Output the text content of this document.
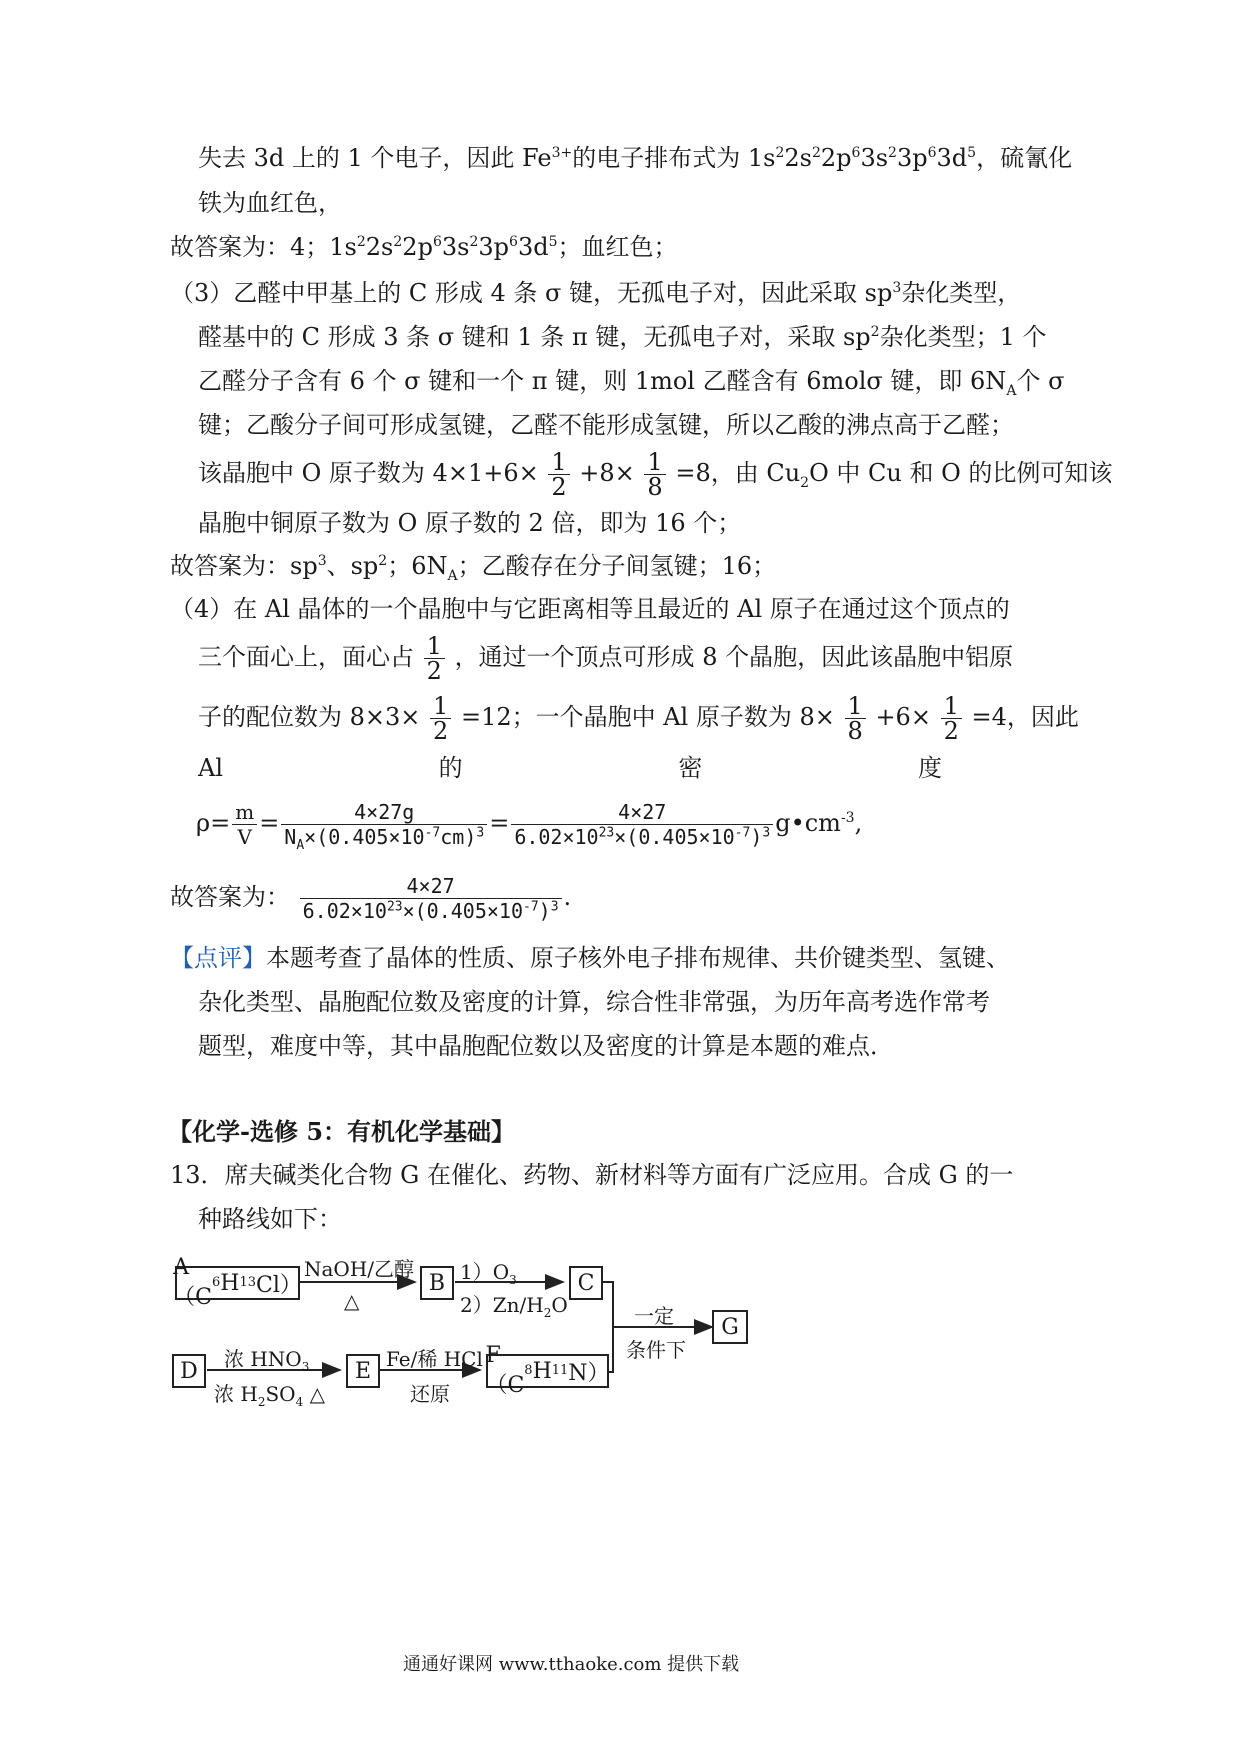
失去 3d 上的 1 个电子，因此 $Fe^{3+}$的电子排布式为 $1s^22s^22p^63s^23p^63d^5$，硫氰化
铁为血红色，
故答案为：4；$1s^22s^22p^63s^23p^63d^5$；血红色；
（3）乙醛中甲基上的 C 形成 4 条 σ 键，无孤电子对，因此采取 $sp^3$杂化类型，
醛基中的 C 形成 3 条 σ 键和 1 条 π 键，无孤电子对，采取 $sp^2$杂化类型；1 个
乙醛分子含有 6 个 σ 键和一个 π 键，则 1mol 乙醛含有 6molσ 键，即 $6N_A$个 σ
键；乙酸分子间可形成氢键，乙醛不能形成氢键，所以乙酸的沸点高于乙醛；
该晶胞中 O 原子数为 $4\times 1+6\times \frac{1}{2} +8\times \frac{1}{8} =8$，由 $Cu_2O$ 中 Cu 和 O 的比例可知该
晶胞中铜原子数为 O 原子数的 2 倍，即为 16 个；
故答案为：$sp^3$、$sp^2$；$6N_A$；乙酸存在分子间氢键；16；
（4）在 Al 晶体的一个晶胞中与它距离相等且最近的 Al 原子在通过这个顶点的
三个面心上，面心占 $\frac{1}{2}$ ，通过一个顶点可形成 8 个晶胞，因此该晶胞中铝原
子的配位数为 $8\times 3\times \frac{1}{2} =12$；一个晶胞中 Al 原子数为 $8\times \frac{1}{8} +6\times \frac{1}{2} =4$，因此
Al	的	密	度
$\rho= \frac{m}{V} = \frac{4\times 27g}{N_A\times(0.405\times 10^{-7}cm)^3} = \frac{4\times 27}{6.02\times 10^{23}\times(0.405\times 10^{-7})^3}$ $g•cm^{-3}$,
故答案为： $\frac{4\times 27}{6.02\times 10^{23}\times(0.405\times 10^{-7})^3}$ .
【点评】本题考查了晶体的性质、原子核外电子排布规律、共价键类型、氢键、
杂化类型、晶胞配位数及密度的计算，综合性非常强，为历年高考选作常考
题型，难度中等，其中晶胞配位数以及密度的计算是本题的难点．
【化学-选修 5：有机化学基础】
13．席夫碱类化合物 G 在催化、药物、新材料等方面有广泛应用。合成 G 的一
种路线如下：
A（C
6 H 13 Cl）	B	C
D	E
F（C
8 H 11 N）
G
NaOH/乙醇
△
$1)O_3$
$2)Zn/H_2O$
浓 $HNO_3$
浓 $H_2SO_4$ △
Fe/稀 HCl
还原
一定
条件下
通通好课网 www.tthaoke.com 提供下载
